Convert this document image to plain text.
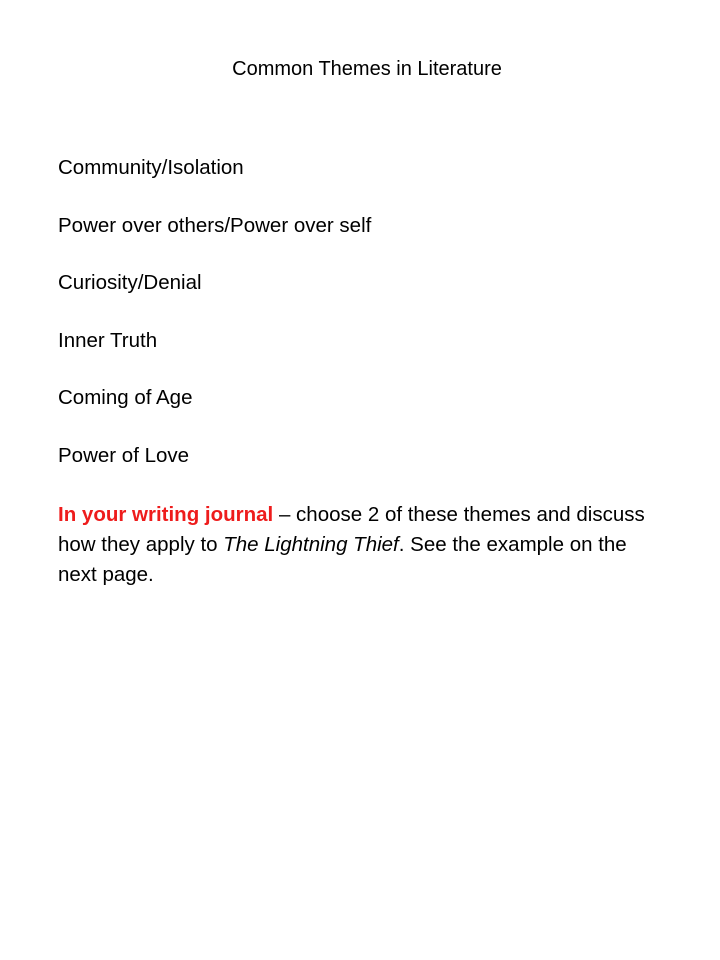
Common Themes in Literature
Community/Isolation
Power over others/Power over self
Curiosity/Denial
Inner Truth
Coming of Age
Power of Love

In your writing journal – choose 2 of these themes and discuss how they apply to The Lightning Thief. See the example on the next page.
